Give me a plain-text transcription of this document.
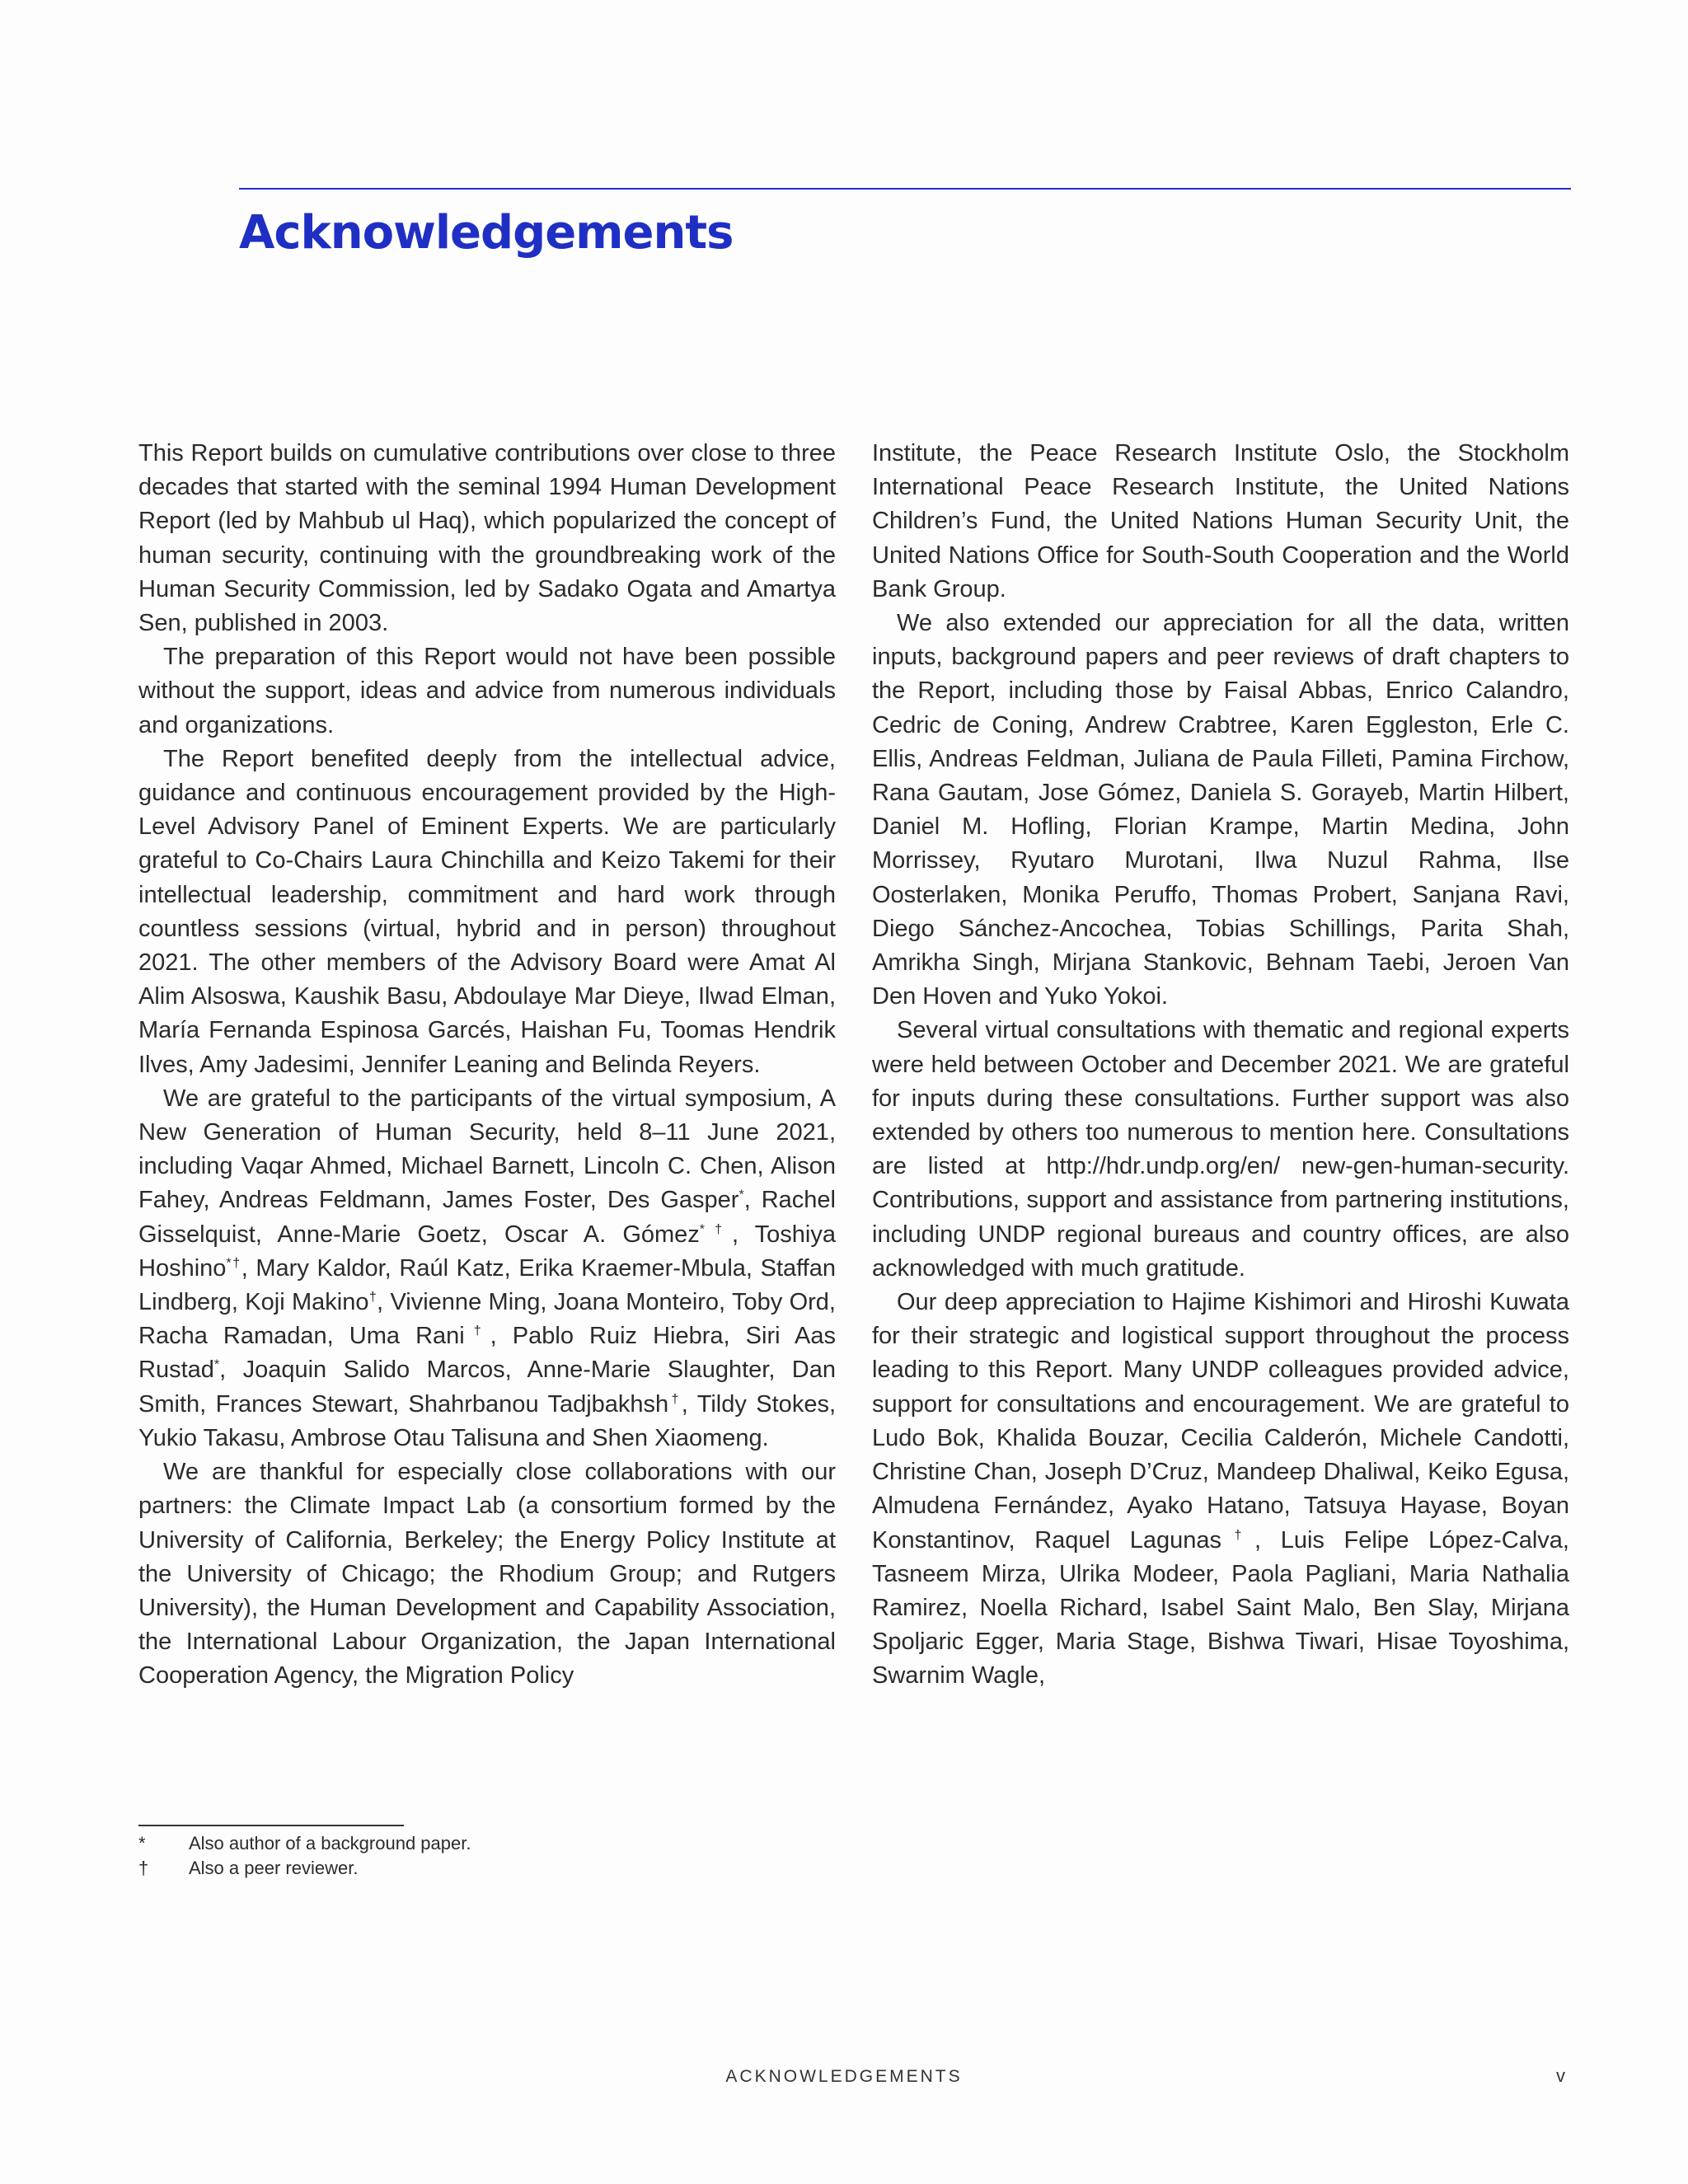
Acknowledgements

This Report builds on cumulative contributions over close to three decades that started with the seminal 1994 Human Development Report (led by Mahbub ul Haq), which popularized the concept of human security, continuing with the groundbreaking work of the Human Security Commission, led by Sadako Ogata and Amartya Sen, published in 2003.

The preparation of this Report would not have been possible without the support, ideas and advice from numerous individuals and organizations.

The Report benefited deeply from the intellectual advice, guidance and continuous encouragement provided by the High-Level Advisory Panel of Eminent Experts. We are particularly grateful to Co-Chairs Laura Chinchilla and Keizo Takemi for their intellectual leadership, commitment and hard work through countless sessions (virtual, hybrid and in person) throughout 2021. The other members of the Advisory Board were Amat Al Alim Alsoswa, Kaushik Basu, Abdoulaye Mar Dieye, Ilwad Elman, María Fernanda Espinosa Garcés, Haishan Fu, Toomas Hendrik Ilves, Amy Jadesimi, Jennifer Leaning and Belinda Reyers.

We are grateful to the participants of the virtual symposium, A New Generation of Human Security, held 8–11 June 2021, including Vaqar Ahmed, Michael Barnett, Lincoln C. Chen, Alison Fahey, Andreas Feldmann, James Foster, Des Gasper*, Rachel Gisselquist, Anne-Marie Goetz, Oscar A. Gómez*†, Toshiya Hoshino*†, Mary Kaldor, Raúl Katz, Erika Kraemer-Mbula, Staffan Lindberg, Koji Makino†, Vivienne Ming, Joana Monteiro, Toby Ord, Racha Ramadan, Uma Rani†, Pablo Ruiz Hiebra, Siri Aas Rustad*, Joaquin Salido Marcos, Anne-Marie Slaughter, Dan Smith, Frances Stewart, Shahrbanou Tadjbakhsh†, Tildy Stokes, Yukio Takasu, Ambrose Otau Talisuna and Shen Xiaomeng.

We are thankful for especially close collaborations with our partners: the Climate Impact Lab (a consortium formed by the University of California, Berkeley; the Energy Policy Institute at the University of Chicago; the Rhodium Group; and Rutgers University), the Human Development and Capability Association, the International Labour Organization, the Japan International Cooperation Agency, the Migration Policy

Institute, the Peace Research Institute Oslo, the Stockholm International Peace Research Institute, the United Nations Children’s Fund, the United Nations Human Security Unit, the United Nations Office for South-South Cooperation and the World Bank Group.

We also extended our appreciation for all the data, written inputs, background papers and peer reviews of draft chapters to the Report, including those by Faisal Abbas, Enrico Calandro, Cedric de Coning, Andrew Crabtree, Karen Eggleston, Erle C. Ellis, Andreas Feldman, Juliana de Paula Filleti, Pamina Firchow, Rana Gautam, Jose Gómez, Daniela S. Gorayeb, Martin Hilbert, Daniel M. Hofling, Florian Krampe, Martin Medina, John Morrissey, Ryutaro Murotani, Ilwa Nuzul Rahma, Ilse Oosterlaken, Monika Peruffo, Thomas Probert, Sanjana Ravi, Diego Sánchez-Ancochea, Tobias Schillings, Parita Shah, Amrikha Singh, Mirjana Stankovic, Behnam Taebi, Jeroen Van Den Hoven and Yuko Yokoi.

Several virtual consultations with thematic and regional experts were held between October and December 2021. We are grateful for inputs during these consultations. Further support was also extended by others too numerous to mention here. Consultations are listed at http://hdr.undp.org/en/ new-gen-human-security. Contributions, support and assistance from partnering institutions, including UNDP regional bureaus and country offices, are also acknowledged with much gratitude.

Our deep appreciation to Hajime Kishimori and Hiroshi Kuwata for their strategic and logistical support throughout the process leading to this Report. Many UNDP colleagues provided advice, support for consultations and encouragement. We are grateful to Ludo Bok, Khalida Bouzar, Cecilia Calderón, Michele Candotti, Christine Chan, Joseph D’Cruz, Mandeep Dhaliwal, Keiko Egusa, Almudena Fernández, Ayako Hatano, Tatsuya Hayase, Boyan Konstantinov, Raquel Lagunas†, Luis Felipe López-Calva, Tasneem Mirza, Ulrika Modeer, Paola Pagliani, Maria Nathalia Ramirez, Noella Richard, Isabel Saint Malo, Ben Slay, Mirjana Spoljaric Egger, Maria Stage, Bishwa Tiwari, Hisae Toyoshima, Swarnim Wagle,

*	Also author of a background paper.
†	Also a peer reviewer.
ACKNOWLEDGEMENTS	v
